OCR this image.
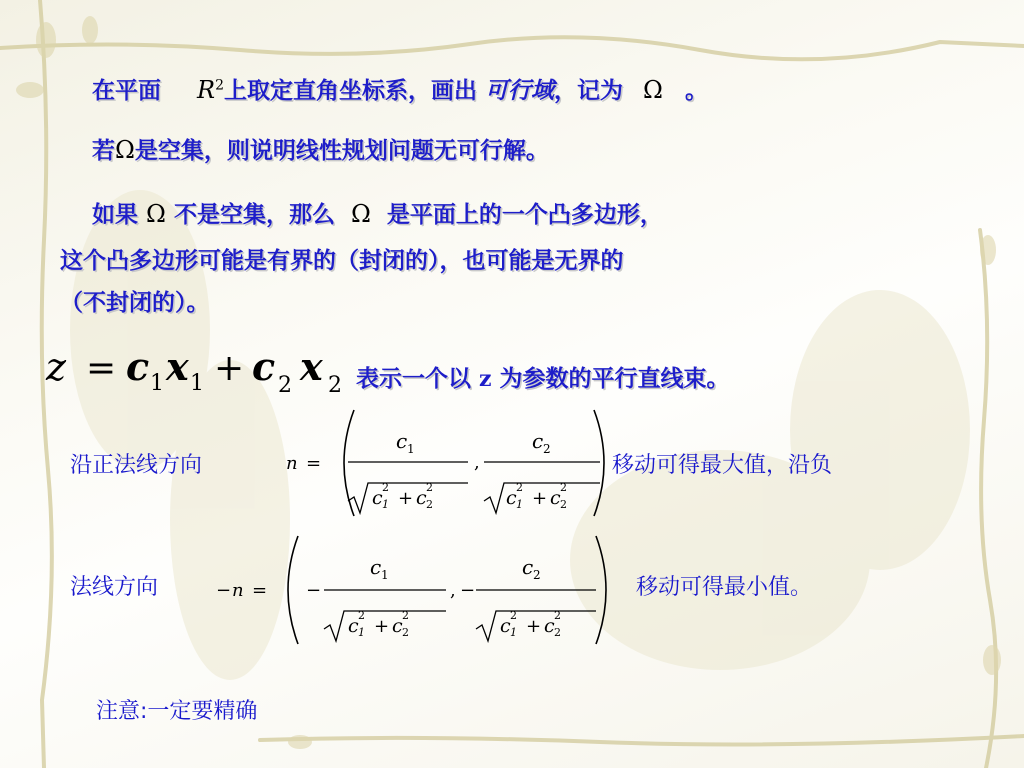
在平面 $R^2$上取定直角坐标系，画出 可行域，记为 Ω 。
若Ω是空集，则说明线性规划问题无可行解。
如果 Ω 不是空集，那么 Ω 是平面上的一个凸多边形，
这个凸多边形可能是有界的（封闭的），也可能是无界的
（不封闭的）。
z = c 1 x 1 + c 2 x 2 表示一个以 z 为参数的平行直线束。
沿正法线方向	n =
c 1
c 2
1 + c 2
2
,
c 2
c 2
1 + c 2
2
移动可得最大值，沿负
法线方向	− n = −
c 1
c 2
1 + c 2
2
, −
c 2
c 2
1 + c 2
2
移动可得最小值。
注意:一定要精确
